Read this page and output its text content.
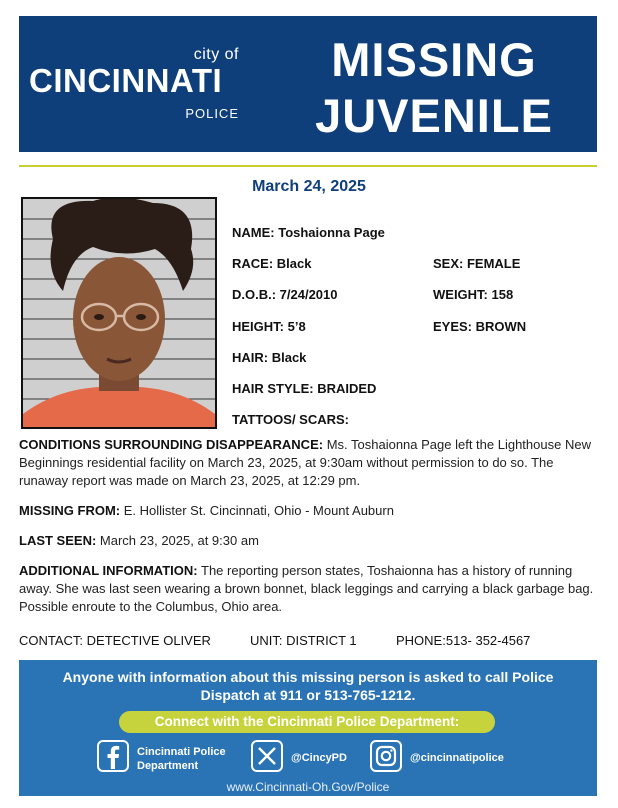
city of
CINCINNATI
POLICE
MISSING
JUVENILE
March 24, 2025
NAME: Toshaionna Page
RACE: Black	SEX: FEMALE
D.O.B.: 7/24/2010	WEIGHT: 158
HEIGHT: 5’8	EYES: BROWN
HAIR: Black
HAIR STYLE: BRAIDED
TATTOOS/ SCARS:
CONDITIONS SURROUNDING DISAPPEARANCE: Ms. Toshaionna Page left the Lighthouse New Beginnings residential facility on March 23, 2025, at 9:30am without permission to do so. The runaway report was made on March 23, 2025, at 12:29 pm.
MISSING FROM: E. Hollister St. Cincinnati, Ohio - Mount Auburn
LAST SEEN: March 23, 2025, at 9:30 am
ADDITIONAL INFORMATION: The reporting person states, Toshaionna has a history of running away. She was last seen wearing a brown bonnet, black leggings and carrying a black garbage bag. Possible enroute to the Columbus, Ohio area.
CONTACT: DETECTIVE OLIVER	UNIT: DISTRICT 1	PHONE:513- 352-4567
Anyone with information about this missing person is asked to call Police
Dispatch at 911 or 513-765-1212.
Connect with the Cincinnati Police Department:
Cincinnati Police
Department
@CincyPD	@cincinnatipolice
www.Cincinnati-Oh.Gov/Police
